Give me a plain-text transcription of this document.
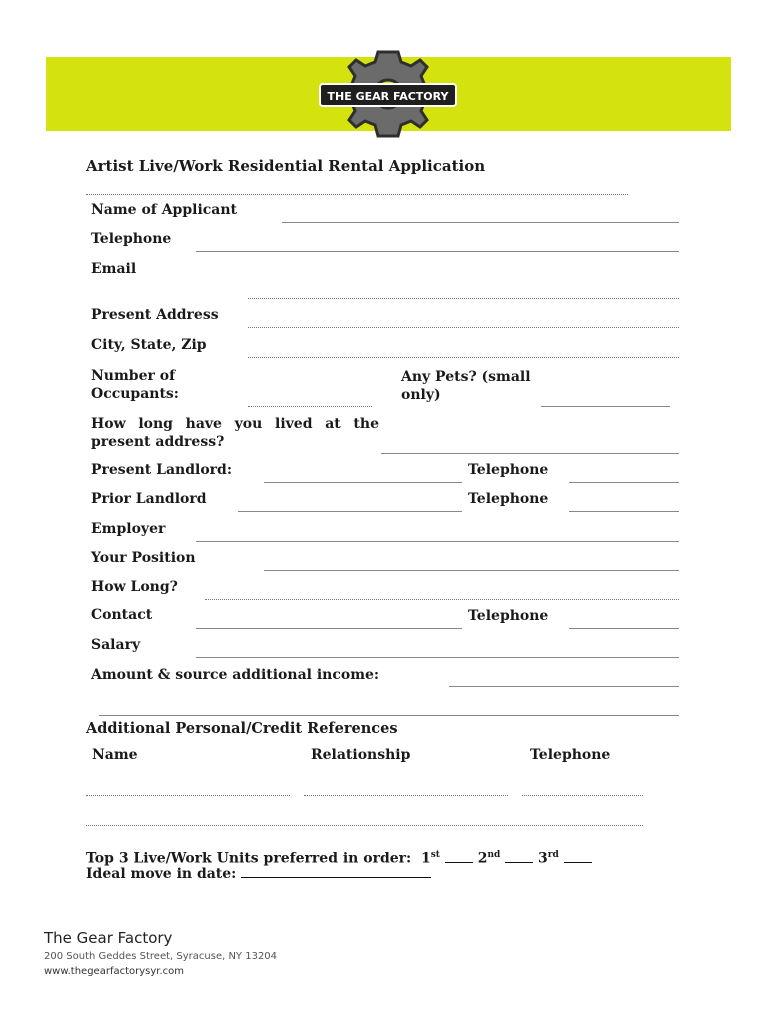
THE GEAR FACTORY
Artist Live/Work Residential Rental Application
Name of Applicant
Telephone
Email
Present Address
City, State, Zip
Number of Occupants:
Any Pets? (small only)
How long have you lived at the present address?
Present Landlord:	Telephone
Prior Landlord	Telephone
Employer
Your Position
How Long?
Contact	Telephone
Salary
Amount & source additional income:
Additional Personal/Credit References
Name	Relationship	Telephone
Top 3 Live/Work Units preferred in order: 1st	2nd	3rd
Ideal move in date:
The Gear Factory
200 South Geddes Street, Syracuse, NY 13204
www.thegearfactorysyr.com
